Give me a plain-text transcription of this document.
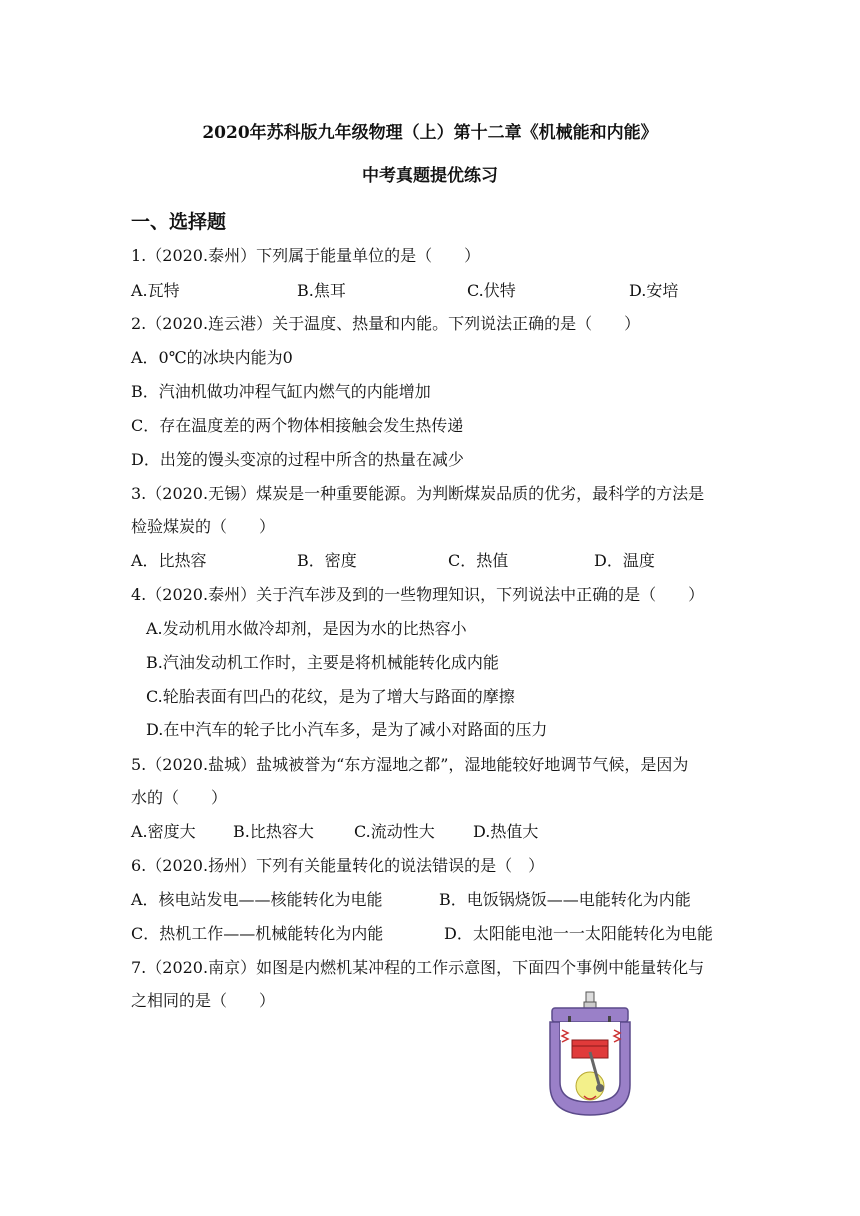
2020年苏科版九年级物理（上）第十二章《机械能和内能》
中考真题提优练习
一、选择题
1.（2020.泰州）下列属于能量单位的是（　　）
A.瓦特	B.焦耳	C.伏特	D.安培
2.（2020.连云港）关于温度、热量和内能。下列说法正确的是（　　）
A．0℃的冰块内能为0
B．汽油机做功冲程气缸内燃气的内能增加
C．存在温度差的两个物体相接触会发生热传递
D．出笼的馒头变凉的过程中所含的热量在减少
3.（2020.无锡）煤炭是一种重要能源。为判断煤炭品质的优劣，最科学的方法是
检验煤炭的（　　）
A．比热容	B．密度	C．热值	D．温度
4.（2020.泰州）关于汽车涉及到的一些物理知识，下列说法中正确的是（　　）
A.发动机用水做冷却剂，是因为水的比热容小
B.汽油发动机工作时，主要是将机械能转化成内能
C.轮胎表面有凹凸的花纹，是为了增大与路面的摩擦
D.在中汽车的轮子比小汽车多，是为了减小对路面的压力
5.（2020.盐城）盐城被誉为“东方湿地之都”，湿地能较好地调节气候，是因为
水的（　　）
A.密度大 B.比热容大	C.流动性大 D.热值大
6.（2020.扬州）下列有关能量转化的说法错误的是（　）
A．核电站发电——核能转化为电能	B．电饭锅烧饭——电能转化为内能
C．热机工作——机械能转化为内能	D．太阳能电池一一太阳能转化为电能
7.（2020.南京）如图是内燃机某冲程的工作示意图，下面四个事例中能量转化与
之相同的是（　　）
